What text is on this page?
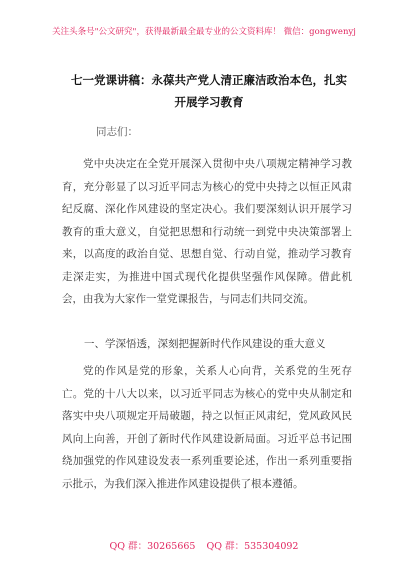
关注头条号"公文研究"，获得最新最全最专业的公文资料库！ 微信：gongwenyj
七一党课讲稿：永葆共产党人清正廉洁政治本色，扎实开展学习教育
同志们：
党中央决定在全党开展深入贯彻中央八项规定精神学习教育，充分彰显了以习近平同志为核心的党中央持之以恒正风肃纪反腐、深化作风建设的坚定决心。我们要深刻认识开展学习教育的重大意义，自觉把思想和行动统一到党中央决策部署上来，以高度的政治自觉、思想自觉、行动自觉，推动学习教育走深走实，为推进中国式现代化提供坚强作风保障。借此机会，由我为大家作一堂党课报告，与同志们共同交流。
一、学深悟透，深刻把握新时代作风建设的重大意义
党的作风是党的形象，关系人心向背，关系党的生死存亡。党的十八大以来，以习近平同志为核心的党中央从制定和落实中央八项规定开局破题，持之以恒正风肃纪，党风政风民风向上向善，开创了新时代作风建设新局面。习近平总书记围绕加强党的作风建设发表一系列重要论述，作出一系列重要指示批示，为我们深入推进作风建设提供了根本遵循。
QQ 群：30265665 QQ 群：535304092
